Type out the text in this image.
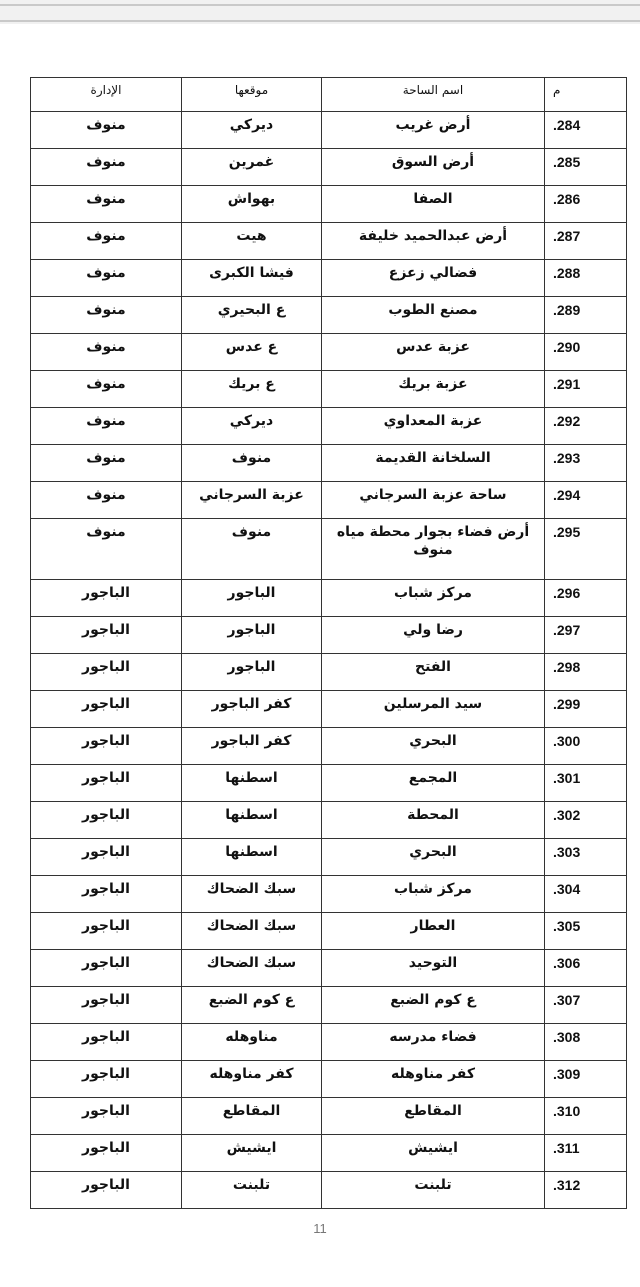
م	اسم الساحة	موقعها	الإدارة
.284	أرض غريب	ديركي	منوف
.285	أرض السوق	غمرين	منوف
.286	الصفا	بهواش	منوف
.287	أرض عبدالحميد خليفة	هيت	منوف
.288	فضالي زعزع	فيشا الكبرى	منوف
.289	مصنع الطوب	ع البحيري	منوف
.290	عزبة عدس	ع عدس	منوف
.291	عزبة بريك	ع بريك	منوف
.292	عزبة المعداوي	ديركي	منوف
.293	السلخانة القديمة	منوف	منوف
.294	ساحة عزبة السرجاني	عزبة السرجاني	منوف
.295	أرض فضاء بجوار محطة مياه منوف	منوف	منوف
.296	مركز شباب	الباجور	الباجور
.297	رضا ولي	الباجور	الباجور
.298	الفتح	الباجور	الباجور
.299	سيد المرسلين	كفر الباجور	الباجور
.300	البحري	كفر الباجور	الباجور
.301	المجمع	اسطنها	الباجور
.302	المحطة	اسطنها	الباجور
.303	البحري	اسطنها	الباجور
.304	مركز شباب	سبك الضحاك	الباجور
.305	العطار	سبك الضحاك	الباجور
.306	التوحيد	سبك الضحاك	الباجور
.307	ع كوم الضبع	ع كوم الضبع	الباجور
.308	فضاء مدرسه	مناوهله	الباجور
.309	كفر مناوهله	كفر مناوهله	الباجور
.310	المقاطع	المقاطع	الباجور
.311	ايشيش	ايشيش	الباجور
.312	تلبنت	تلبنت	الباجور
11
